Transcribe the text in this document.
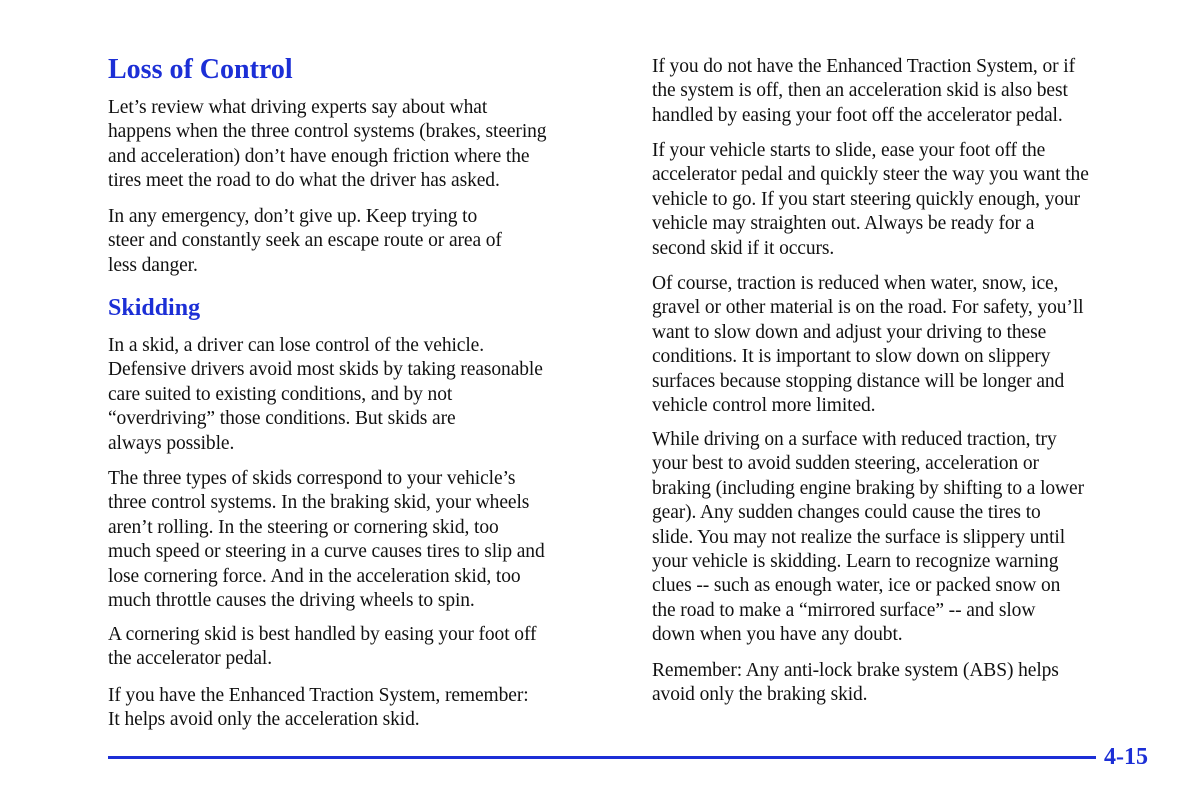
Loss of Control
Let’s review what driving experts say about what
happens when the three control systems (brakes, steering
and acceleration) don’t have enough friction where the
tires meet the road to do what the driver has asked.
In any emergency, don’t give up. Keep trying to
steer and constantly seek an escape route or area of
less danger.
Skidding
In a skid, a driver can lose control of the vehicle.
Defensive drivers avoid most skids by taking reasonable
care suited to existing conditions, and by not
“overdriving” those conditions. But skids are
always possible.
The three types of skids correspond to your vehicle’s
three control systems. In the braking skid, your wheels
aren’t rolling. In the steering or cornering skid, too
much speed or steering in a curve causes tires to slip and
lose cornering force. And in the acceleration skid, too
much throttle causes the driving wheels to spin.
A cornering skid is best handled by easing your foot off
the accelerator pedal.
If you have the Enhanced Traction System, remember:
It helps avoid only the acceleration skid.
If you do not have the Enhanced Traction System, or if
the system is off, then an acceleration skid is also best
handled by easing your foot off the accelerator pedal.
If your vehicle starts to slide, ease your foot off the
accelerator pedal and quickly steer the way you want the
vehicle to go. If you start steering quickly enough, your
vehicle may straighten out. Always be ready for a
second skid if it occurs.
Of course, traction is reduced when water, snow, ice,
gravel or other material is on the road. For safety, you’ll
want to slow down and adjust your driving to these
conditions. It is important to slow down on slippery
surfaces because stopping distance will be longer and
vehicle control more limited.
While driving on a surface with reduced traction, try
your best to avoid sudden steering, acceleration or
braking (including engine braking by shifting to a lower
gear). Any sudden changes could cause the tires to
slide. You may not realize the surface is slippery until
your vehicle is skidding. Learn to recognize warning
clues -- such as enough water, ice or packed snow on
the road to make a “mirrored surface” -- and slow
down when you have any doubt.
Remember: Any anti-lock brake system (ABS) helps
avoid only the braking skid.
4-15
